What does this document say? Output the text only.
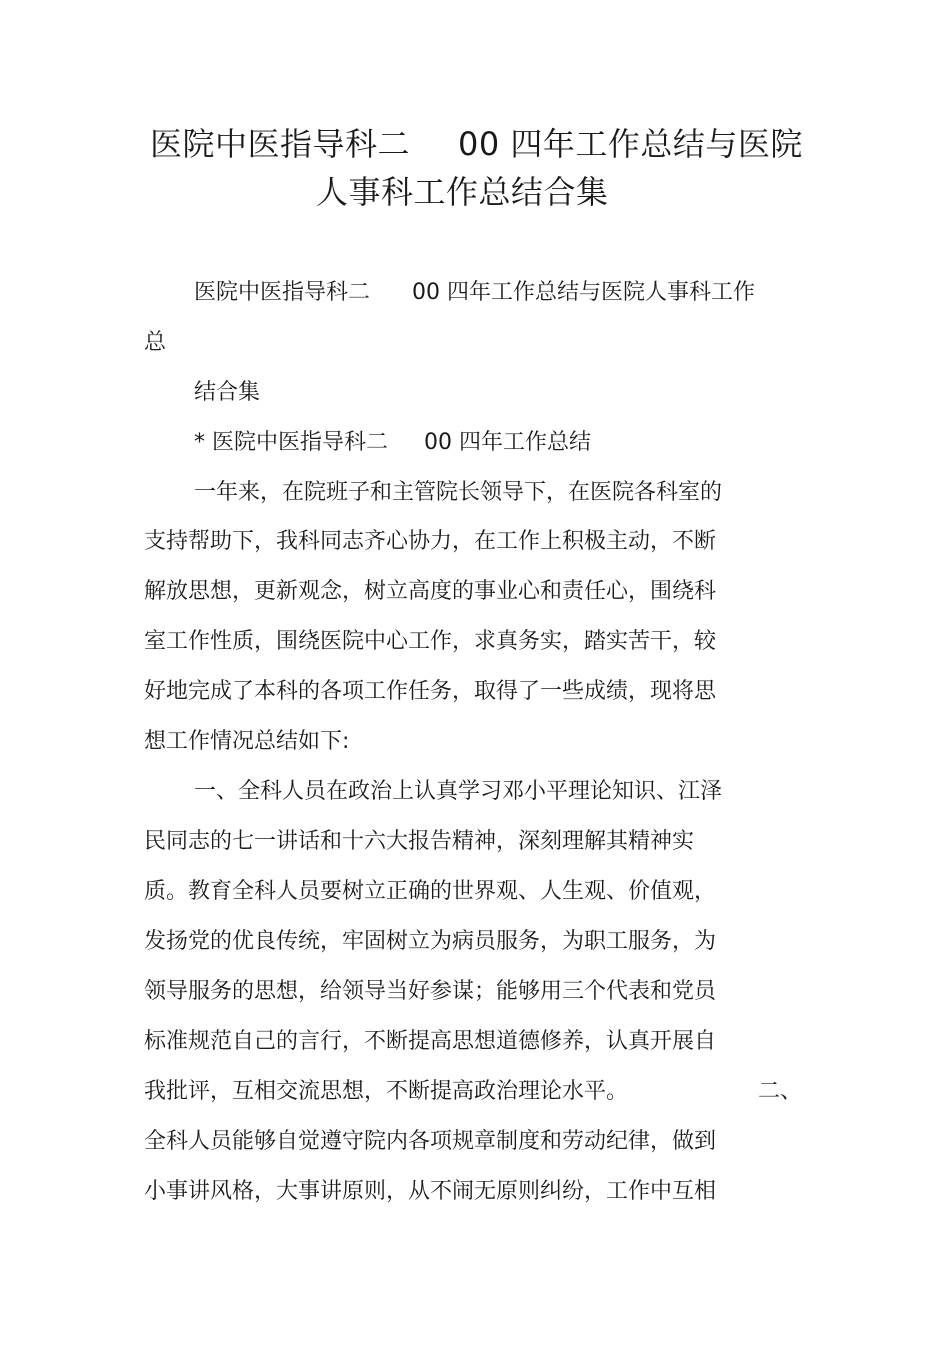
医院中医指导科二 00 四年工作总结与医院
人事科工作总结合集
医院中医指导科二 00 四年工作总结与医院人事科工作
总
结合集
* 医院中医指导科二 00 四年工作总结
一年来，在院班子和主管院长领导下，在医院各科室的
支持帮助下，我科同志齐心协力，在工作上积极主动，不断
解放思想，更新观念，树立高度的事业心和责任心，围绕科
室工作性质，围绕医院中心工作，求真务实，踏实苦干，较
好地完成了本科的各项工作任务，取得了一些成绩，现将思
想工作情况总结如下:
一、全科人员在政治上认真学习邓小平理论知识、江泽
民同志的七一讲话和十六大报告精神，深刻理解其精神实
质。教育全科人员要树立正确的世界观、人生观、价值观，
发扬党的优良传统，牢固树立为病员服务，为职工服务，为
领导服务的思想，给领导当好参谋；能够用三个代表和党员
标准规范自己的言行，不断提高思想道德修养，认真开展自
我批评，互相交流思想，不断提高政治理论水平。	二、
全科人员能够自觉遵守院内各项规章制度和劳动纪律，做到
小事讲风格，大事讲原则，从不闹无原则纠纷，工作中互相
